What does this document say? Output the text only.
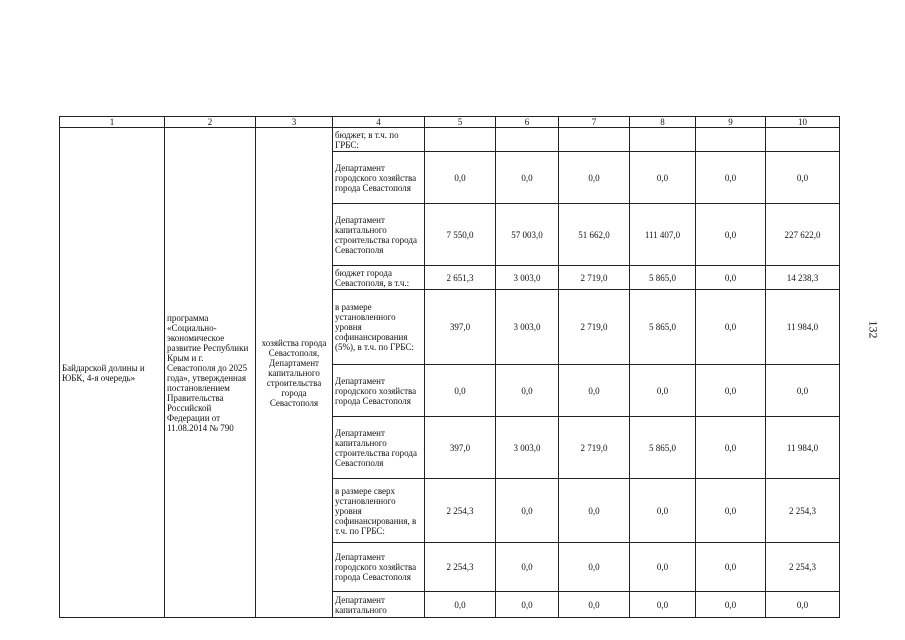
1	2	3	4	5	6	7	8	9	10
Байдарской долины и ЮБК, 4-я очередь»	программа «Социально-экономическое развитие Республики Крым и г. Севастополя до 2025 года», утвержденная постановлением Правительства Российской Федерации от 11.08.2014 № 790	хозяйства города Севастополя, Департамент капитального строительства города Севастополя	бюджет, в т.ч. по ГРБС:						
			Департамент городского хозяйства города Севастополя	0,0	0,0	0,0	0,0	0,0	0,0
			Департамент капитального строительства города Севастополя	7 550,0	57 003,0	51 662,0	111 407,0	0,0	227 622,0
			бюджет города Севастополя, в т.ч.:	2 651,3	3 003,0	2 719,0	5 865,0	0,0	14 238,3
			в размере установленного уровня софинансирования (5%), в т.ч. по ГРБС:	397,0	3 003,0	2 719,0	5 865,0	0,0	11 984,0
			Департамент городского хозяйства города Севастополя	0,0	0,0	0,0	0,0	0,0	0,0
			Департамент капитального строительства города Севастополя	397,0	3 003,0	2 719,0	5 865,0	0,0	11 984,0
			в размере сверх установленного уровня софинансирования, в т.ч. по ГРБС:	2 254,3	0,0	0,0	0,0	0,0	2 254,3
			Департамент городского хозяйства города Севастополя	2 254,3	0,0	0,0	0,0	0,0	2 254,3
			Департамент капитального	0,0	0,0	0,0	0,0	0,0	0,0
132
